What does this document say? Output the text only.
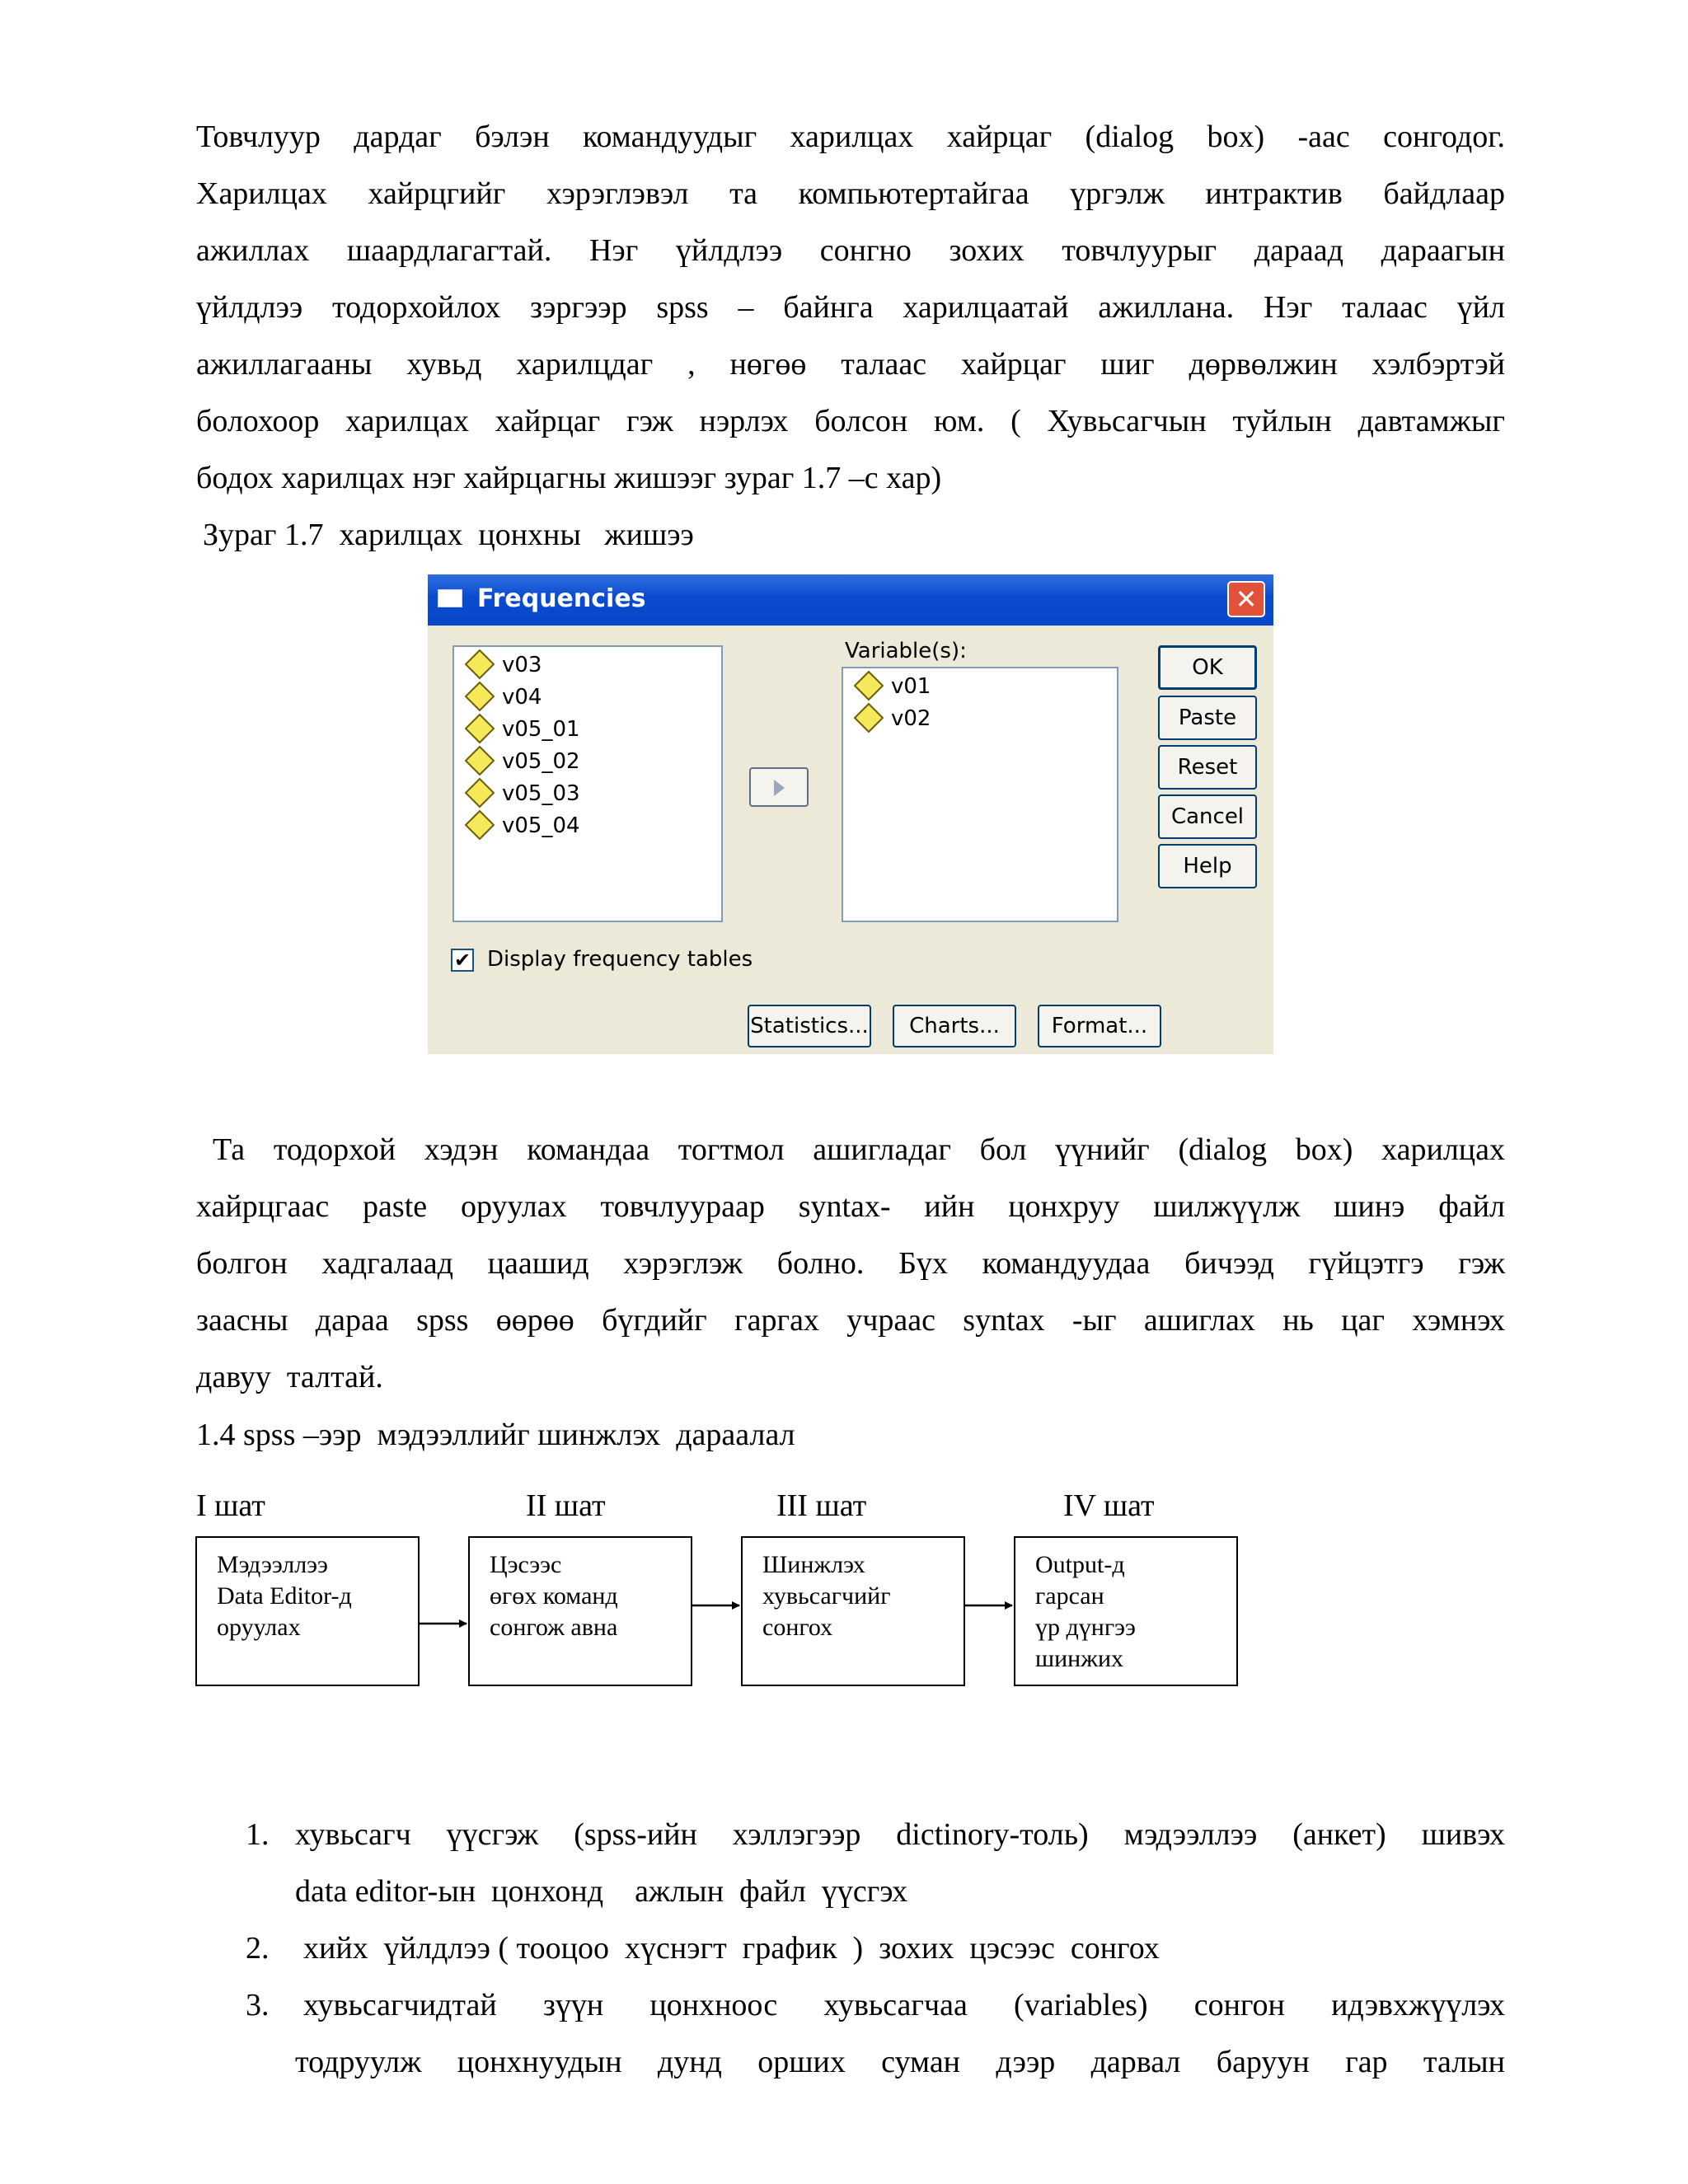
Товчлуур дардаг бэлэн командуудыг харилцах хайрцаг (dialog box) -аас сонгодог.
Харилцах хайрцгийг хэрэглэвэл та компьютертайгаа үргэлж интрактив байдлаар
ажиллах шаардлагагтай. Нэг үйлдлээ сонгно зохих товчлуурыг дараад дараагын
үйлдлээ тодорхойлох зэргээр spss – байнга харилцаатай ажиллана. Нэг талаас үйл
ажиллагааны хувьд харилцдаг , нөгөө талаас хайрцаг шиг дөрвөлжин хэлбэртэй
болохоор харилцах хайрцаг гэж нэрлэх болсон юм. ( Хувьсагчын туйлын давтамжыг
бодох харилцах нэг хайрцагны жишээг зураг 1.7 –с хар)
Зураг 1.7  харилцах  цонхны   жишээ
Frequencies	✕
v03
v04
v05_01
v05_02
v05_03
v05_04
Variable(s):
v01
v02
OK
Paste
Reset
Cancel
Help
✔ Display frequency tables
Statistics...	Charts...	Format...
Та тодорхой хэдэн командаа тогтмол ашигладаг бол үүнийг (dialog box) харилцах
хайрцгаас paste оруулах товчлуураар syntax- ийн цонхруу шилжүүлж шинэ файл
болгон хадгалаад цаашид хэрэглэж болно. Бүх командуудаа бичээд гүйцэтгэ гэж
заасны дараа spss өөрөө бүгдийг гаргах учраас syntax -ыг ашиглах нь цаг хэмнэх
давуу  талтай.
1.4 spss –ээр  мэдээллийг шинжлэх  дараалал
I шат	II шат	III шат	IV шат
Мэдээллээ
Data Editor-д
оруулах
Цэсээс
өгөх команд
сонгож авна
Шинжлэх
хувьсагчийг
сонгох
Output-д
гарсан
үр дүнгээ
шинжих
1. хувьсагч үүсгэж (spss-ийн хэллэгээр dictinory-толь) мэдээллээ (анкет) шивэх
data editor-ын  цонхонд    ажлын  файл  үүсгэх
2. хийх  үйлдлээ ( тооцоо  хүснэгт  график  )  зохих  цэсээс  сонгох
3. хувьсагчидтай зүүн цонхноос хувьсагчаа (variables) сонгон идэвхжүүлэх
тодруулж цонхнуудын дунд орших суман дээр дарвал баруун гар талын
